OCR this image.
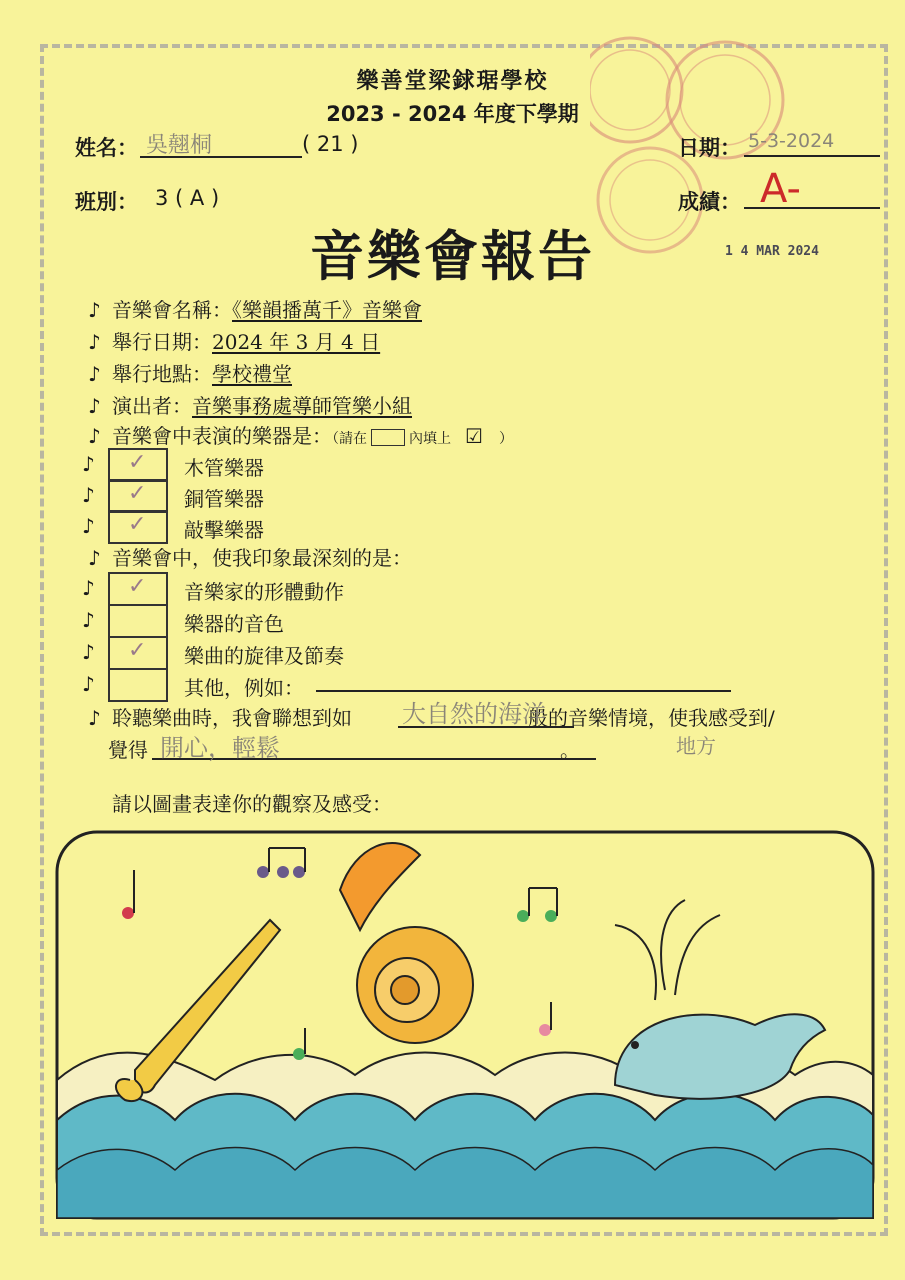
樂善堂梁銶琚學校
2023 - 2024 年度下學期
姓名： 吳翹桐	( 21 )	日期： 5-3-2024
班別： 3 ( A )	成績： A-
音樂會報告	1 4 MAR 2024
♪ 音樂會名稱：《樂韻播萬千》音樂會
♪ 舉行日期：2024 年 3 月 4 日
♪ 舉行地點：學校禮堂
♪ 演出者：音樂事務處導師管樂小組
♪ 音樂會中表演的樂器是：（請在	內填上 ☑ ）
♪ ✓ 木管樂器
♪ ✓ 銅管樂器
♪ ✓ 敲擊樂器
♪ 音樂會中，使我印象最深刻的是：
♪ ✓ 音樂家的形體動作
♪	樂器的音色
♪ ✓ 樂曲的旋律及節奏
♪	其他，例如：
♪ 聆聽樂曲時，我會聯想到如	般的音樂情境，使我感受到/
大自然的海洋
覺得	。
開心，輕鬆	地方
請以圖畫表達你的觀察及感受：
